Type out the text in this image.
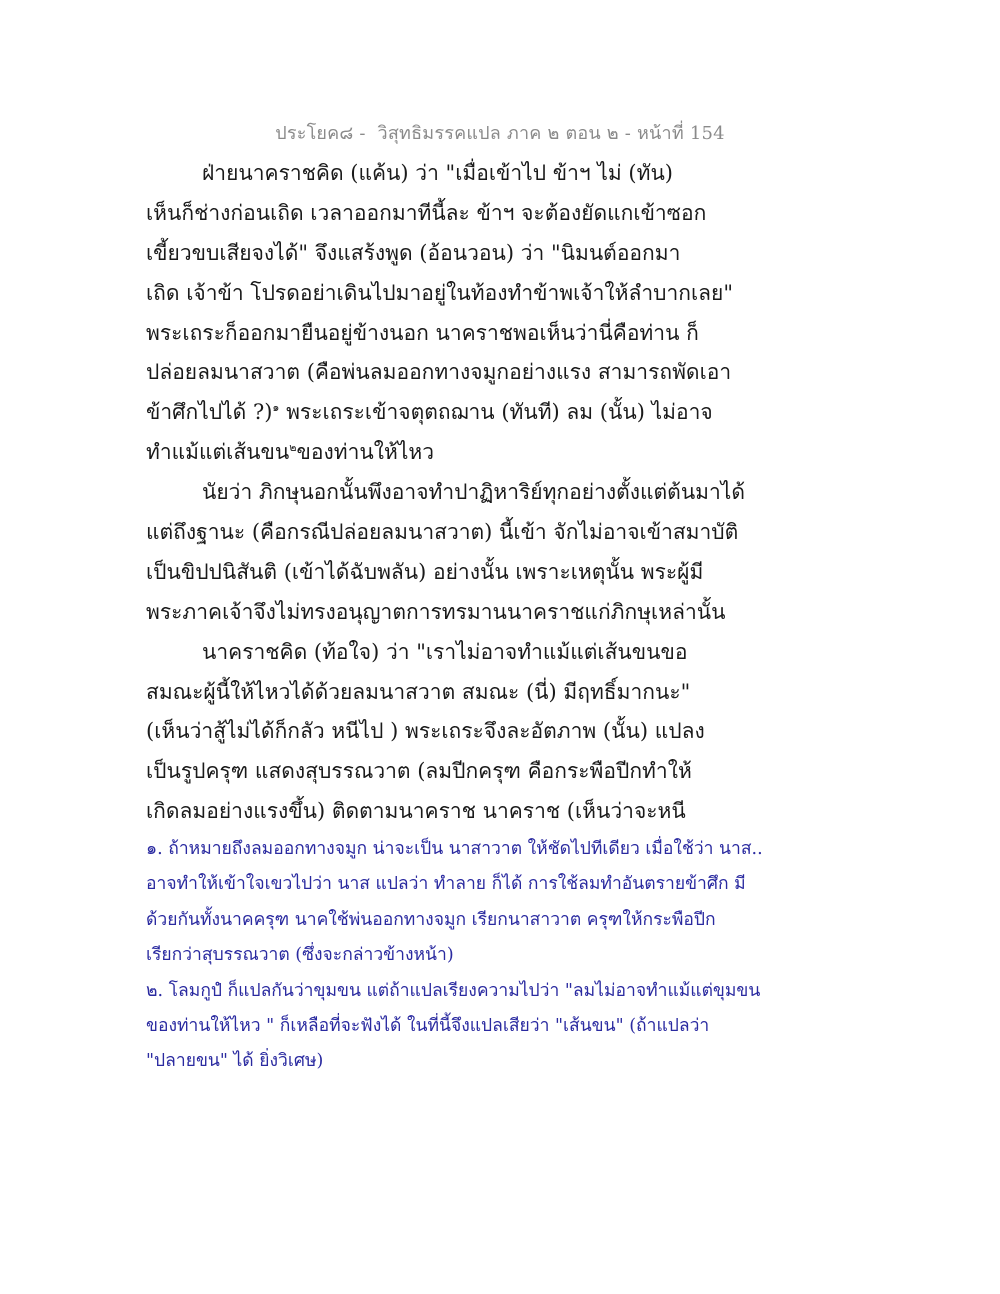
ประโยค๘ -  วิสุทธิมรรคแปล ภาค ๒ ตอน ๒ - หน้าที่ 154
ฝ่ายนาคราชคิด (แค้น) ว่า "เมื่อเข้าไป ข้าฯ ไม่ (ทัน)
เห็นก็ช่างก่อนเถิด เวลาออกมาทีนี้ละ ข้าฯ จะต้องยัดแกเข้าซอก
เขี้ยวขบเสียจงได้" จึงแสร้งพูด (อ้อนวอน) ว่า "นิมนต์ออกมา
เถิด เจ้าข้า โปรดอย่าเดินไปมาอยู่ในท้องทำข้าพเจ้าให้ลำบากเลย"
พระเถระก็ออกมายืนอยู่ข้างนอก นาคราชพอเห็นว่านี่คือท่าน ก็
ปล่อยลมนาสวาต (คือพ่นลมออกทางจมูกอย่างแรง สามารถพัดเอา
ข้าศึกไปได้ ?)$^๑$ พระเถระเข้าจตุตถฌาน (ทันที) ลม (นั้น) ไม่อาจ
ทำแม้แต่เส้นขน$^๒$ของท่านให้ไหว
นัยว่า ภิกษุนอกนั้นพึงอาจทำปาฏิหาริย์ทุกอย่างตั้งแต่ต้นมาได้
แต่ถึงฐานะ (คือกรณีปล่อยลมนาสวาต) นี้เข้า จักไม่อาจเข้าสมาบัติ
เป็นขิปปนิสันติ (เข้าได้ฉับพลัน) อย่างนั้น เพราะเหตุนั้น พระผู้มี
พระภาคเจ้าจึงไม่ทรงอนุญาตการทรมานนาคราชแก่ภิกษุเหล่านั้น
นาคราชคิด (ท้อใจ) ว่า "เราไม่อาจทำแม้แต่เส้นขนขอ
สมณะผู้นี้ให้ไหวได้ด้วยลมนาสวาต สมณะ (นี่) มีฤทธิ์มากนะ"
(เห็นว่าสู้ไม่ได้ก็กลัว หนีไป ) พระเถระจึงละอัตภาพ (นั้น) แปลง
เป็นรูปครุฑ แสดงสุบรรณวาต (ลมปีกครุฑ คือกระพือปีกทำให้
เกิดลมอย่างแรงขึ้น) ติดตามนาคราช นาคราช (เห็นว่าจะหนี
๑. ถ้าหมายถึงลมออกทางจมูก น่าจะเป็น นาสาวาต ให้ชัดไปทีเดียว เมื่อใช้ว่า นาส..
อาจทำให้เข้าใจเขวไปว่า นาส แปลว่า ทำลาย ก็ได้ การใช้ลมทำอันตรายข้าศึก มี
ด้วยกันทั้งนาคครุฑ นาคใช้พ่นออกทางจมูก เรียกนาสาวาต ครุฑให้กระพือปีก
เรียกว่าสุบรรณวาต (ซึ่งจะกล่าวข้างหน้า)
๒. โลมกูปํ ก็แปลกันว่าขุมขน แต่ถ้าแปลเรียงความไปว่า "ลมไม่อาจทำแม้แต่ขุมขน
ของท่านให้ไหว " ก็เหลือที่จะฟังได้ ในที่นี้จึงแปลเสียว่า "เส้นขน" (ถ้าแปลว่า
"ปลายขน" ได้ ยิ่งวิเศษ)
